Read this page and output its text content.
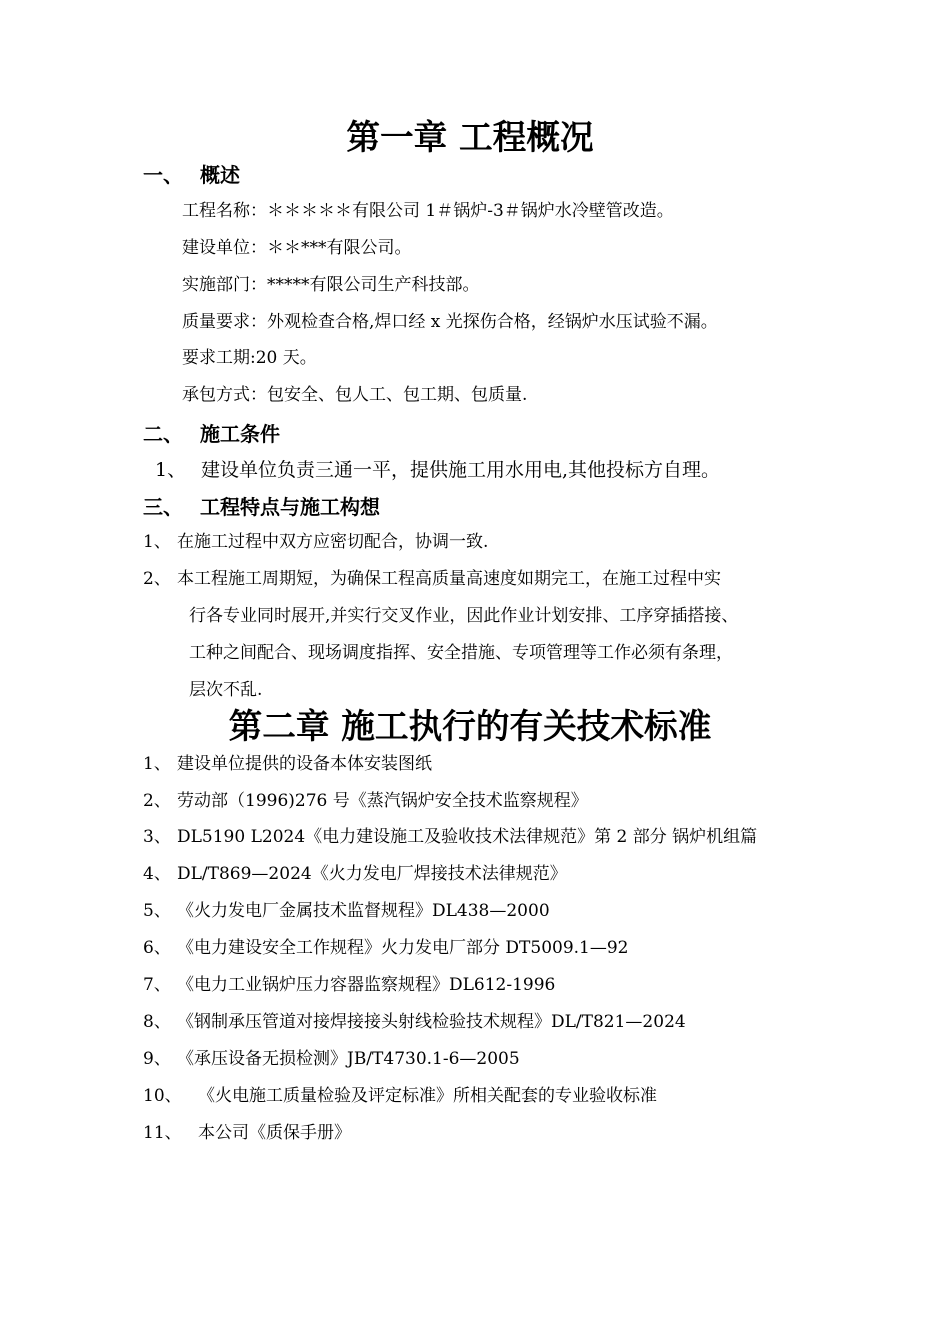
第一章 工程概况
一、 概述
工程名称：＊＊＊＊＊有限公司 1＃锅炉-3＃锅炉水冷壁管改造。
建设单位：＊＊***有限公司。
实施部门：*****有限公司生产科技部。
质量要求：外观检查合格,焊口经 x 光探伤合格，经锅炉水压试验不漏。
要求工期:20 天。
承包方式：包安全、包人工、包工期、包质量.
二、 施工条件
1、 建设单位负责三通一平，提供施工用水用电,其他投标方自理。
三、 工程特点与施工构想
1、 在施工过程中双方应密切配合，协调一致.
2、 本工程施工周期短，为确保工程高质量高速度如期完工，在施工过程中实
行各专业同时展开,并实行交叉作业，因此作业计划安排、工序穿插搭接、
工种之间配合、现场调度指挥、安全措施、专项管理等工作必须有条理，
层次不乱.
第二章 施工执行的有关技术标准
1、 建设单位提供的设备本体安装图纸
2、 劳动部（1996)276 号《蒸汽锅炉安全技术监察规程》
3、 DL5190 L2024《电力建设施工及验收技术法律规范》第 2 部分 锅炉机组篇
4、 DL/T869—2024《火力发电厂焊接技术法律规范》
5、 《火力发电厂金属技术监督规程》DL438—2000
6、 《电力建设安全工作规程》火力发电厂部分 DT5009.1—92
7、 《电力工业锅炉压力容器监察规程》DL612-1996
8、 《钢制承压管道对接焊接接头射线检验技术规程》DL/T821—2024
9、 《承压设备无损检测》JB/T4730.1-6—2005
10、 《火电施工质量检验及评定标准》所相关配套的专业验收标准
11、 本公司《质保手册》
